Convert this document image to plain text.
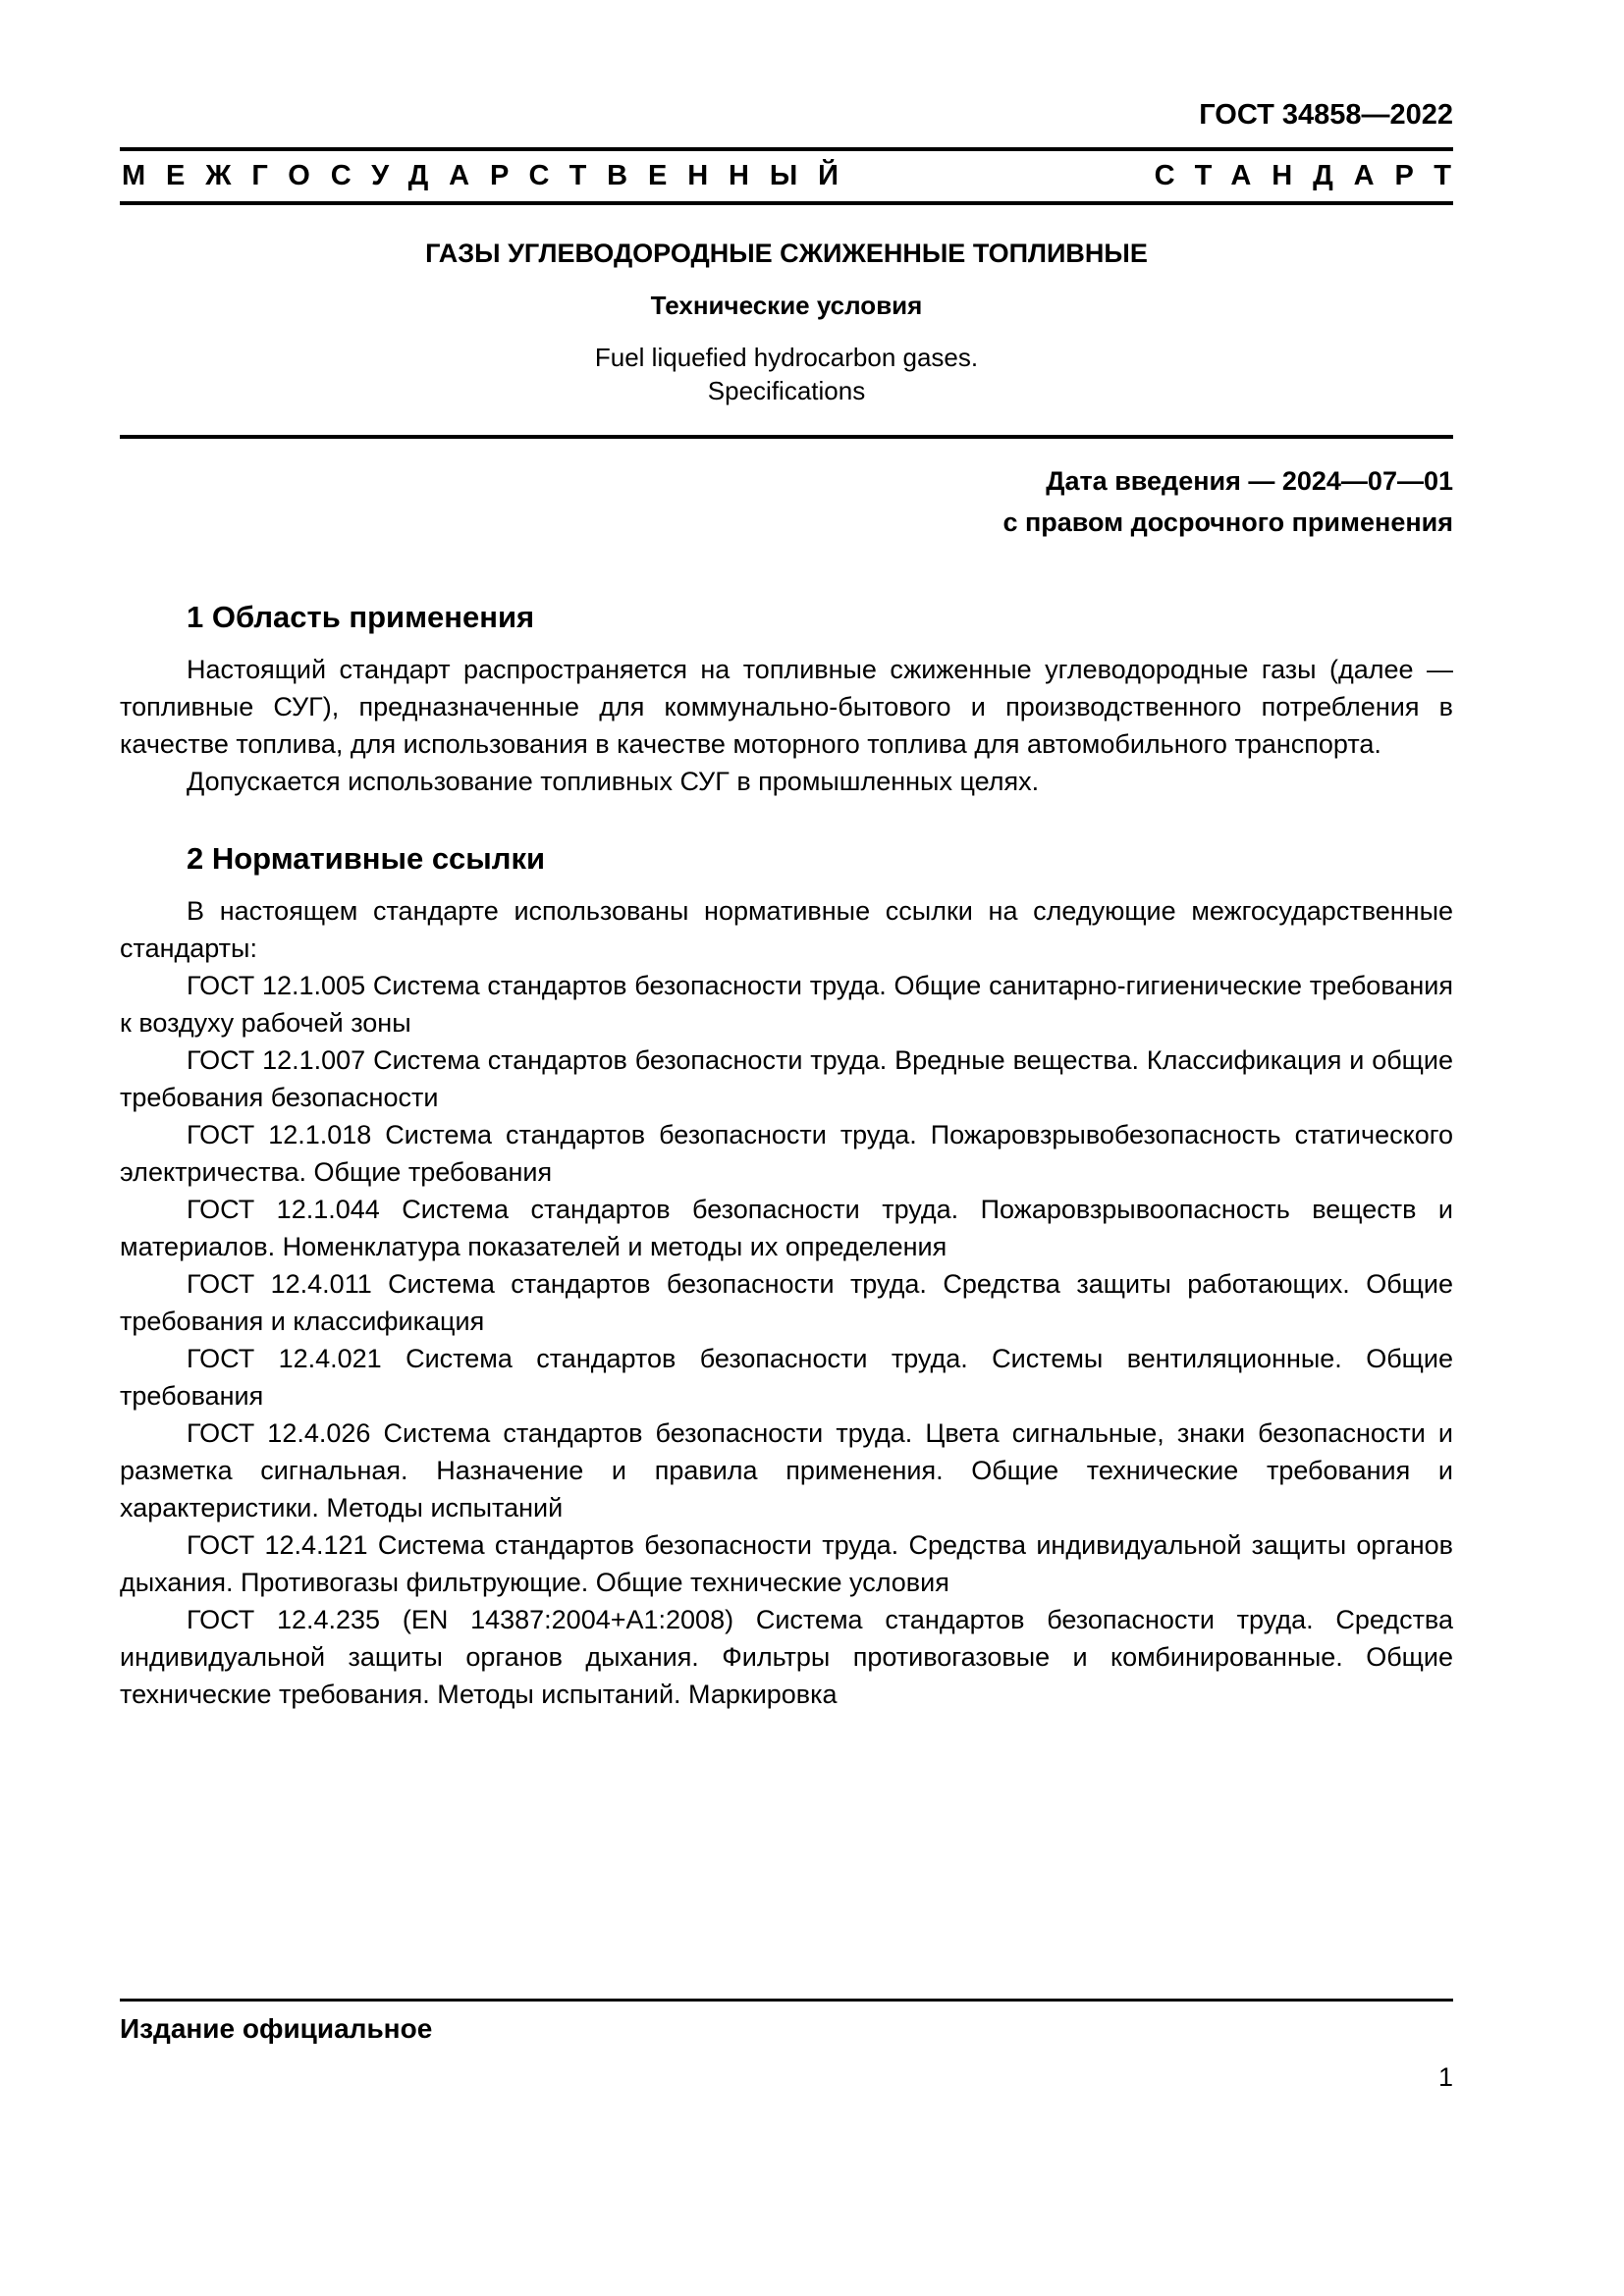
ГОСТ 34858—2022
МЕЖГОСУДАРСТВЕННЫЙ	СТАНДАРТ
ГАЗЫ УГЛЕВОДОРОДНЫЕ СЖИЖЕННЫЕ ТОПЛИВНЫЕ
Технические условия
Fuel liquefied hydrocarbon gases.
Specifications
Дата введения — 2024—07—01
с правом досрочного применения
1 Область применения

Настоящий стандарт распространяется на топливные сжиженные углеводородные газы (далее — топливные СУГ), предназначенные для коммунально-бытового и производственного потребления в качестве топлива, для использования в качестве моторного топлива для автомобильного транспорта.

Допускается использование топливных СУГ в промышленных целях.

2 Нормативные ссылки

В настоящем стандарте использованы нормативные ссылки на следующие межгосударственные стандарты:

ГОСТ 12.1.005 Система стандартов безопасности труда. Общие санитарно-гигиенические требования к воздуху рабочей зоны

ГОСТ 12.1.007 Система стандартов безопасности труда. Вредные вещества. Классификация и общие требования безопасности

ГОСТ 12.1.018 Система стандартов безопасности труда. Пожаровзрывобезопасность статического электричества. Общие требования

ГОСТ 12.1.044 Система стандартов безопасности труда. Пожаровзрывоопасность веществ и материалов. Номенклатура показателей и методы их определения

ГОСТ 12.4.011 Система стандартов безопасности труда. Средства защиты работающих. Общие требования и классификация

ГОСТ 12.4.021 Система стандартов безопасности труда. Системы вентиляционные. Общие требования

ГОСТ 12.4.026 Система стандартов безопасности труда. Цвета сигнальные, знаки безопасности и разметка сигнальная. Назначение и правила применения. Общие технические требования и характеристики. Методы испытаний

ГОСТ 12.4.121 Система стандартов безопасности труда. Средства индивидуальной защиты органов дыхания. Противогазы фильтрующие. Общие технические условия

ГОСТ 12.4.235 (EN 14387:2004+A1:2008) Система стандартов безопасности труда. Средства индивидуальной защиты органов дыхания. Фильтры противогазовые и комбинированные. Общие технические требования. Методы испытаний. Маркировка

Издание официальное
1
